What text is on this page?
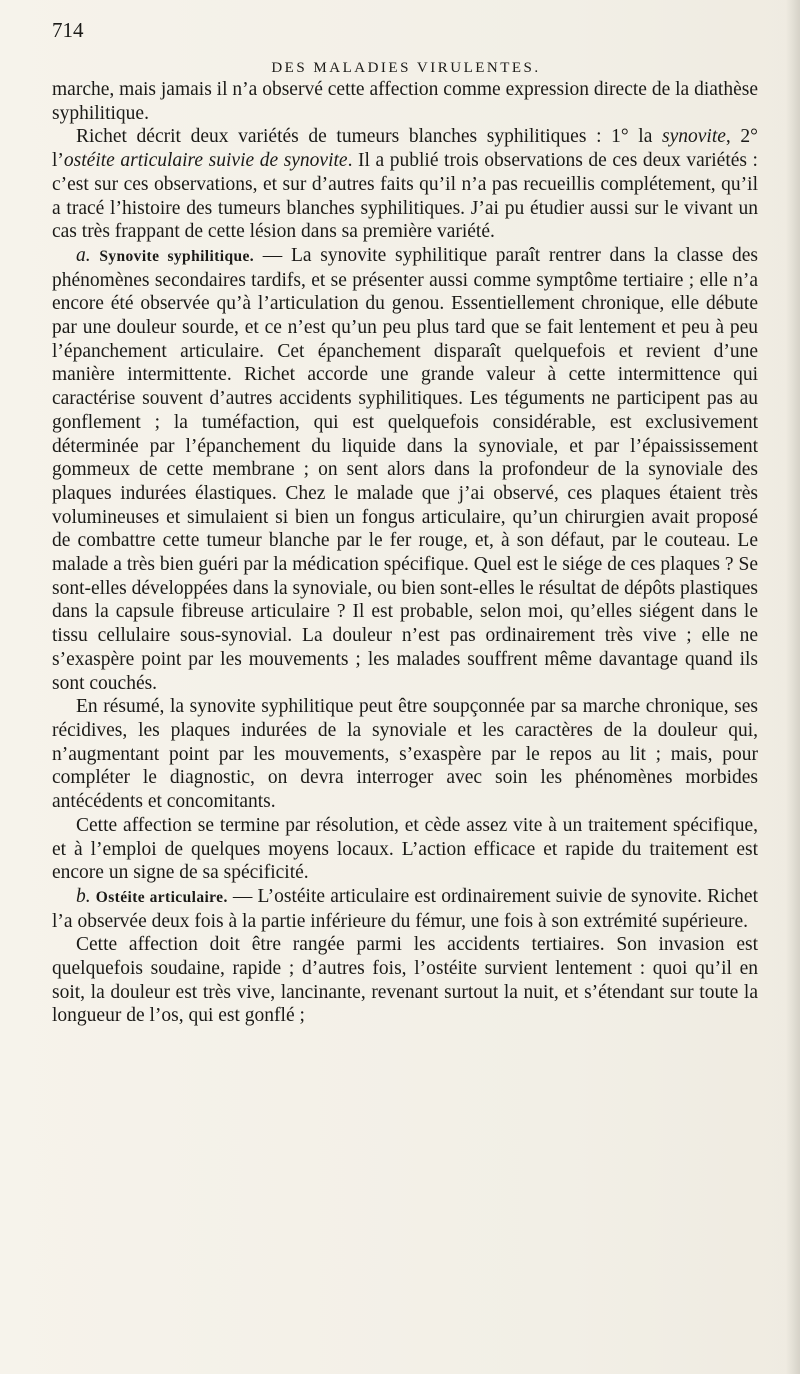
714
DES MALADIES VIRULENTES.

marche, mais jamais il n’a observé cette affection comme expression directe de la diathèse syphilitique.

Richet décrit deux variétés de tumeurs blanches syphilitiques : 1° la synovite, 2° l’ostéite articulaire suivie de synovite. Il a publié trois observations de ces deux variétés : c’est sur ces observations, et sur d’autres faits qu’il n’a pas recueillis complétement, qu’il a tracé l’histoire des tumeurs blanches syphilitiques. J’ai pu étudier aussi sur le vivant un cas très frappant de cette lésion dans sa première variété.

a. Synovite syphilitique. — La synovite syphilitique paraît rentrer dans la classe des phénomènes secondaires tardifs, et se présenter aussi comme symptôme tertiaire ; elle n’a encore été observée qu’à l’articulation du genou. Essentiellement chronique, elle débute par une douleur sourde, et ce n’est qu’un peu plus tard que se fait lentement et peu à peu l’épanchement articulaire. Cet épanchement disparaît quelquefois et revient d’une manière intermittente. Richet accorde une grande valeur à cette intermittence qui caractérise souvent d’autres accidents syphilitiques. Les téguments ne participent pas au gonflement ; la tuméfaction, qui est quelquefois considérable, est exclusivement déterminée par l’épanchement du liquide dans la synoviale, et par l’épaississement gommeux de cette membrane ; on sent alors dans la profondeur de la synoviale des plaques indurées élastiques. Chez le malade que j’ai observé, ces plaques étaient très volumineuses et simulaient si bien un fongus articulaire, qu’un chirurgien avait proposé de combattre cette tumeur blanche par le fer rouge, et, à son défaut, par le couteau. Le malade a très bien guéri par la médication spécifique. Quel est le siége de ces plaques ? Se sont-elles développées dans la synoviale, ou bien sont-elles le résultat de dépôts plastiques dans la capsule fibreuse articulaire ? Il est probable, selon moi, qu’elles siégent dans le tissu cellulaire sous-synovial. La douleur n’est pas ordinairement très vive ; elle ne s’exaspère point par les mouvements ; les malades souffrent même davantage quand ils sont couchés.

En résumé, la synovite syphilitique peut être soupçonnée par sa marche chronique, ses récidives, les plaques indurées de la synoviale et les caractères de la douleur qui, n’augmentant point par les mouvements, s’exaspère par le repos au lit ; mais, pour compléter le diagnostic, on devra interroger avec soin les phénomènes morbides antécédents et concomitants.

Cette affection se termine par résolution, et cède assez vite à un traitement spécifique, et à l’emploi de quelques moyens locaux. L’action efficace et rapide du traitement est encore un signe de sa spécificité.

b. Ostéite articulaire. — L’ostéite articulaire est ordinairement suivie de synovite. Richet l’a observée deux fois à la partie inférieure du fémur, une fois à son extrémité supérieure.

Cette affection doit être rangée parmi les accidents tertiaires. Son invasion est quelquefois soudaine, rapide ; d’autres fois, l’ostéite survient lentement : quoi qu’il en soit, la douleur est très vive, lancinante, revenant surtout la nuit, et s’étendant sur toute la longueur de l’os, qui est gonflé ;
